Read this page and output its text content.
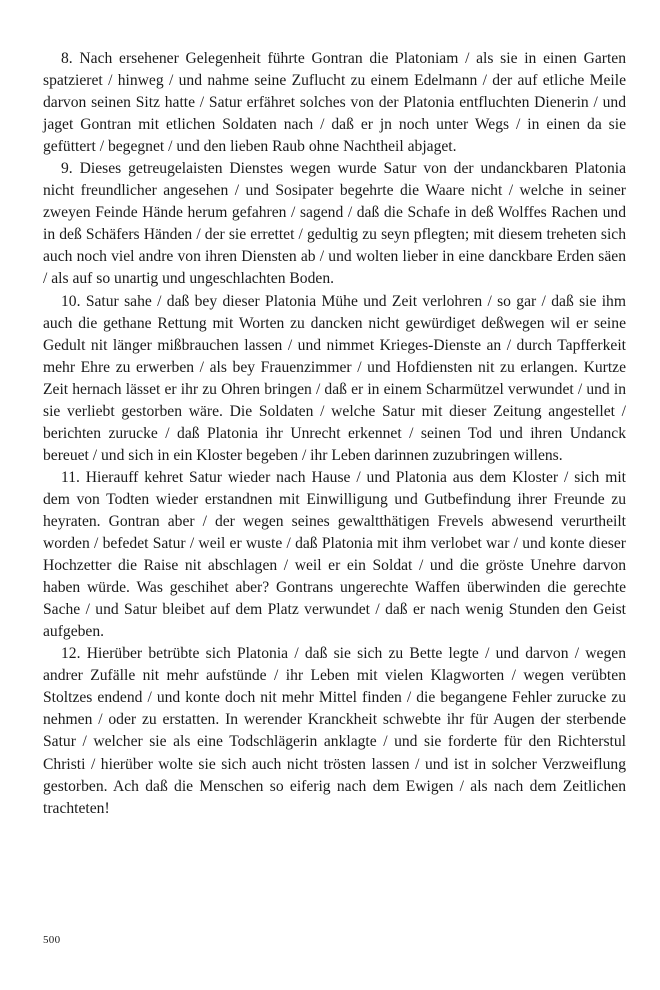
8. Nach ersehener Gelegenheit führte Gontran die Platoniam / als sie in einen Garten spatzieret / hinweg / und nahme seine Zuflucht zu einem Edelmann / der auf etliche Meile darvon seinen Sitz hatte / Satur erfähret solches von der Platonia entfluchten Dienerin / und jaget Gontran mit etlichen Soldaten nach / daß er jn noch unter Wegs / in einen da sie gefüttert / begegnet / und den lieben Raub ohne Nachtheil abjaget.

9. Dieses getreugelaisten Dienstes wegen wurde Satur von der undanckbaren Platonia nicht freundlicher angesehen / und Sosipater begehrte die Waare nicht / welche in seiner zweyen Feinde Hände herum gefahren / sagend / daß die Schafe in deß Wolffes Rachen und in deß Schäfers Händen / der sie errettet / gedultig zu seyn pflegten; mit diesem treheten sich auch noch viel andre von ihren Diensten ab / und wolten lieber in eine danckbare Erden säen / als auf so unartig und ungeschlachten Boden.

10. Satur sahe / daß bey dieser Platonia Mühe und Zeit verlohren / so gar / daß sie ihm auch die gethane Rettung mit Worten zu dancken nicht gewürdiget deßwegen wil er seine Gedult nit länger mißbrauchen lassen / und nimmet Krieges-Dienste an / durch Tapfferkeit mehr Ehre zu erwerben / als bey Frauenzimmer / und Hofdiensten nit zu erlangen. Kurtze Zeit hernach lässet er ihr zu Ohren bringen / daß er in einem Scharmützel verwundet / und in sie verliebt gestorben wäre. Die Soldaten / welche Satur mit dieser Zeitung angestellet / berichten zurucke / daß Platonia ihr Unrecht erkennet / seinen Tod und ihren Undanck bereuet / und sich in ein Kloster begeben / ihr Leben darinnen zuzubringen willens.

11. Hierauff kehret Satur wieder nach Hause / und Platonia aus dem Kloster / sich mit dem von Todten wieder erstandnen mit Einwilligung und Gutbefindung ihrer Freunde zu heyraten. Gontran aber / der wegen seines gewaltthätigen Frevels abwesend verurtheilt worden / befedet Satur / weil er wuste / daß Platonia mit ihm verlobet war / und konte dieser Hochzetter die Raise nit abschlagen / weil er ein Soldat / und die gröste Unehre darvon haben würde. Was geschihet aber? Gontrans ungerechte Waffen überwinden die gerechte Sache / und Satur bleibet auf dem Platz verwundet / daß er nach wenig Stunden den Geist aufgeben.

12. Hierüber betrübte sich Platonia / daß sie sich zu Bette legte / und darvon / wegen andrer Zufälle nit mehr aufstünde / ihr Leben mit vielen Klagworten / wegen verübten Stoltzes endend / und konte doch nit mehr Mittel finden / die begangene Fehler zurucke zu nehmen / oder zu erstatten. In werender Kranckheit schwebte ihr für Augen der sterbende Satur / welcher sie als eine Todschlägerin anklagte / und sie forderte für den Richterstul Christi / hierüber wolte sie sich auch nicht trösten lassen / und ist in solcher Verzweiflung gestorben. Ach daß die Menschen so eiferig nach dem Ewigen / als nach dem Zeitlichen trachteten!

500
